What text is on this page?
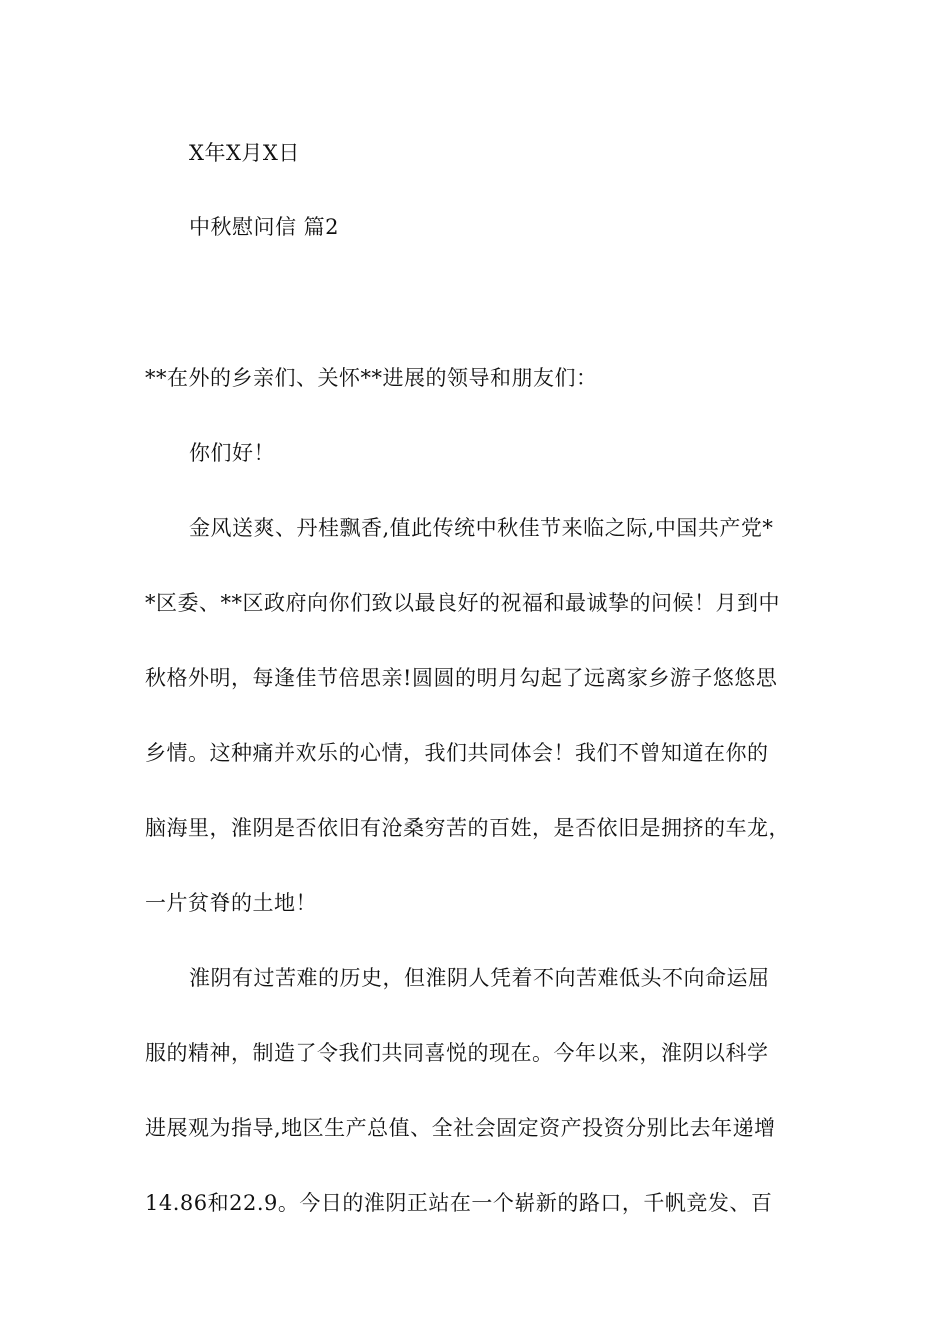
X年X月X日
中秋慰问信 篇2
**在外的乡亲们、关怀**进展的领导和朋友们：
你们好！
金风送爽、丹桂飘香,值此传统中秋佳节来临之际,中国共产党*
*区委、**区政府向你们致以最良好的祝福和最诚挚的问候！月到中
秋格外明，每逢佳节倍思亲!圆圆的明月勾起了远离家乡游子悠悠思
乡情。这种痛并欢乐的心情，我们共同体会！我们不曾知道在你的
脑海里，淮阴是否依旧有沧桑穷苦的百姓，是否依旧是拥挤的车龙，
一片贫脊的土地！
淮阴有过苦难的历史，但淮阴人凭着不向苦难低头不向命运屈
服的精神，制造了令我们共同喜悦的现在。今年以来，淮阴以科学
进展观为指导,地区生产总值、全社会固定资产投资分别比去年递增
14.86和22.9。今日的淮阴正站在一个崭新的路口，千帆竞发、百
